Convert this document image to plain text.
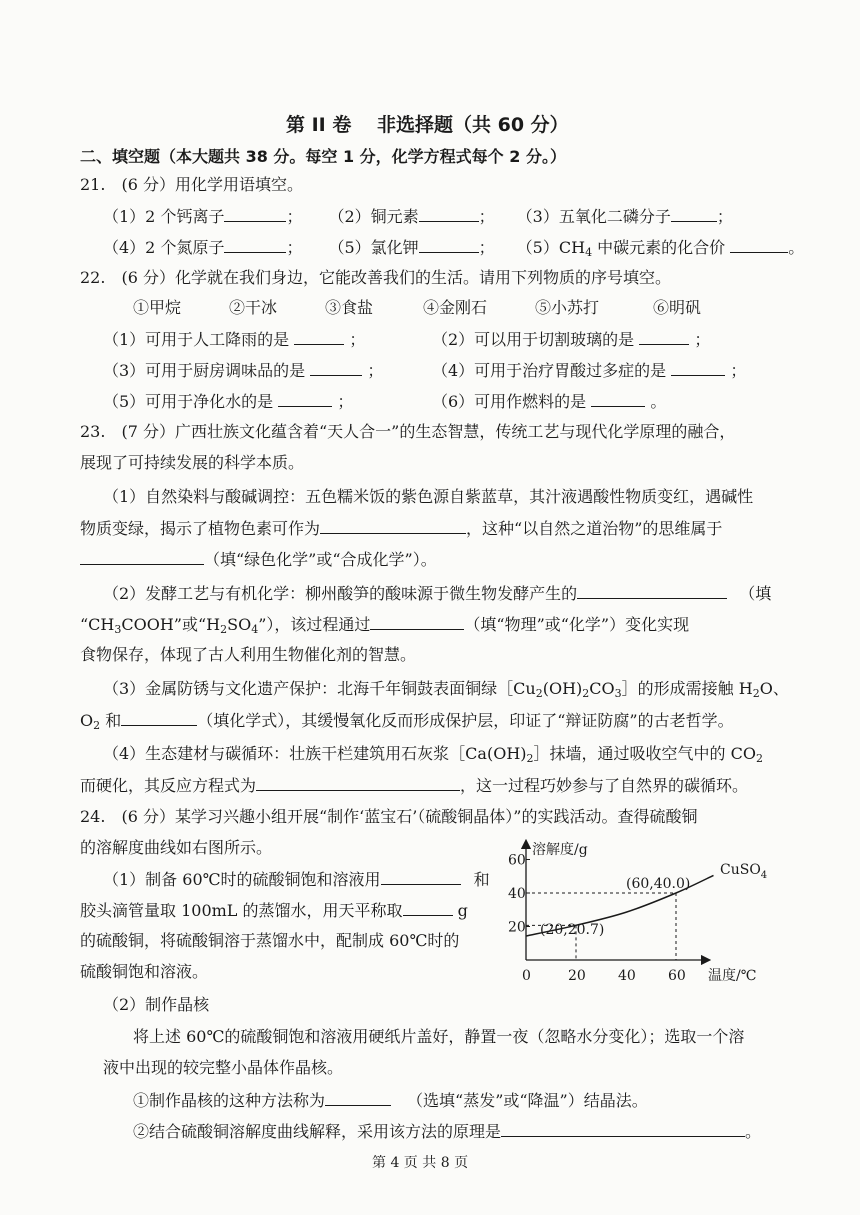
第 II 卷　 非选择题（共 60 分）
二、填空题（本大题共 38 分。每空 1 分，化学方程式每个 2 分。）
21.　(6 分）用化学用语填空。
（1）2 个钙离子	； （2）铜元素	； （3）五氧化二磷分子	；
（4）2 个氮原子	； （5）氯化钾	； $(5)CH_4$ 中碳元素的化合价	。
22.　(6 分）化学就在我们身边，它能改善我们的生活。请用下列物质的序号填空。
①甲烷	②干冰	③食盐	④金刚石	⑤小苏打	⑥明矾
（1）可用于人工降雨的是	；	（2）可以用于切割玻璃的是	；
（3）可用于厨房调味品的是	；	（4）可用于治疗胃酸过多症的是	；
（5）可用于净化水的是	；	（6）可用作燃料的是	。
23.　(7 分）广西壮族文化蕴含着“天人合一”的生态智慧，传统工艺与现代化学原理的融合，
展现了可持续发展的科学本质。
（1）自然染料与酸碱调控：五色糯米饭的紫色源自紫蓝草，其汁液遇酸性物质变红，遇碱性
物质变绿，揭示了植物色素可作为	，这种“以自然之道治物”的思维属于
（填“绿色化学”或“合成化学”）。
（2）发酵工艺与有机化学：柳州酸笋的酸味源于微生物发酵产生的	（填
“$CH_3COOH$”或“$H_2SO_4$”），该过程通过	（填“物理”或“化学”）变化实现
食物保存，体现了古人利用生物催化剂的智慧。
（3）金属防锈与文化遗产保护：北海千年铜鼓表面铜绿$[Cu_2(OH)_2CO_3]$的形成需接触 $H_2O$、
$O_2$ 和	（填化学式），其缓慢氧化反而形成保护层，印证了“辩证防腐”的古老哲学。
（4）生态建材与碳循环：壮族干栏建筑用石灰浆$[Ca(OH)_2]$抹墙，通过吸收空气中的 $CO_2$
而硬化，其反应方程式为	，这一过程巧妙参与了自然界的碳循环。
24.　(6 分）某学习兴趣小组开展“制作‘蓝宝石’（硫酸铜晶体）”的实践活动。查得硫酸铜
的溶解度曲线如右图所示。
（1）制备 60℃时的硫酸铜饱和溶液用	和
胶头滴管量取 100mL 的蒸馏水，用天平称取	g
的硫酸铜，将硫酸铜溶于蒸馏水中，配制成 60℃时的
硫酸铜饱和溶液。	0	20 40 60
20
40
60
溶解度/g
温度/℃
(20,20.7)
(60,40.0)
CuSO$_4$
（2）制作晶核
将上述 60℃的硫酸铜饱和溶液用硬纸片盖好，静置一夜（忽略水分变化）；选取一个溶
液中出现的较完整小晶体作晶核。
①制作晶核的这种方法称为	（选填“蒸发”或“降温”）结晶法。
②结合硫酸铜溶解度曲线解释，采用该方法的原理是	。
第 4 页 共 8 页
